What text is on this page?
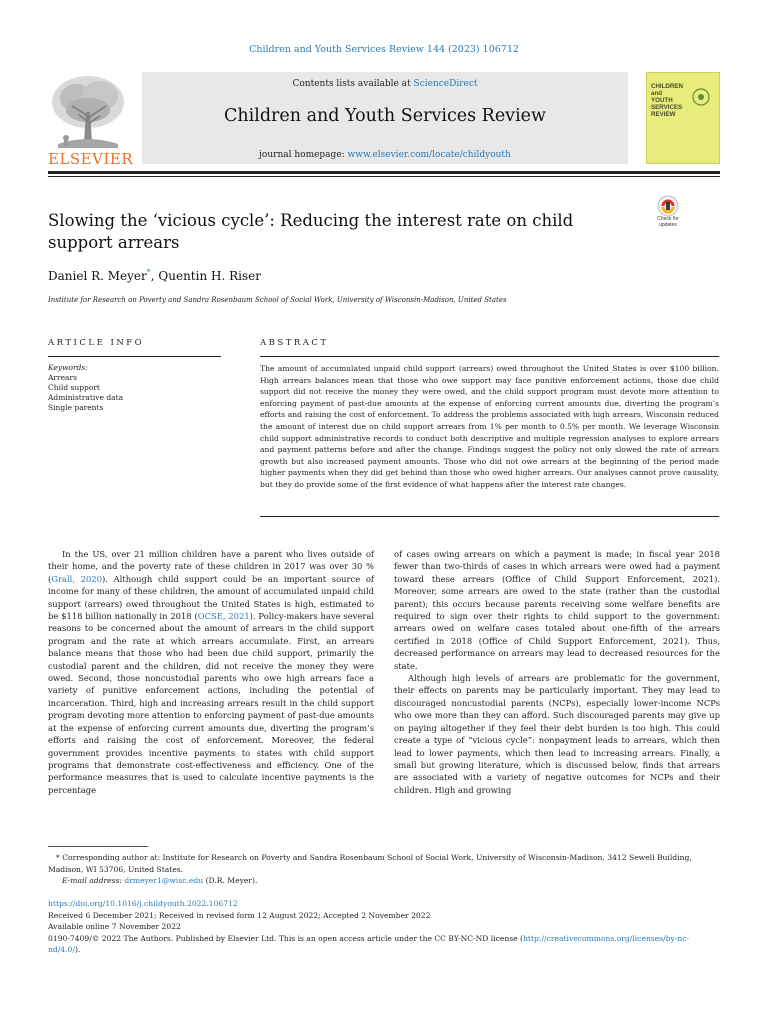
Children and Youth Services Review 144 (2023) 106712
ELSEVIER
Contents lists available at ScienceDirect
Children and Youth Services Review
journal homepage: www.elsevier.com/locate/childyouth
CHILDREN
and
YOUTH
SERVICES
REVIEW
Slowing the ‘vicious cycle’: Reducing the interest rate on child support arrears
Check for updates
Daniel R. Meyer*, Quentin H. Riser
Institute for Research on Poverty and Sandra Rosenbaum School of Social Work, University of Wisconsin-Madison, United States
ARTICLE INFO	ABSTRACT
Keywords:
Arrears
Child support
Administrative data
Single parents
The amount of accumulated unpaid child support (arrears) owed throughout the United States is over $100 billion. High arrears balances mean that those who owe support may face punitive enforcement actions, those due child support did not receive the money they were owed, and the child support program must devote more attention to enforcing payment of past-due amounts at the expense of enforcing current amounts due, diverting the program’s efforts and raising the cost of enforcement. To address the problems associated with high arrears, Wisconsin reduced the amount of interest due on child support arrears from 1% per month to 0.5% per month. We leverage Wisconsin child support administrative records to conduct both descriptive and multiple regression analyses to explore arrears and payment patterns before and after the change. Findings suggest the policy not only slowed the rate of arrears growth but also increased payment amounts. Those who did not owe arrears at the beginning of the period made higher payments when they did get behind than those who owed higher arrears. Our analyses cannot prove causality, but they do provide some of the first evidence of what happens after the interest rate changes.

In the US, over 21 million children have a parent who lives outside of their home, and the poverty rate of these children in 2017 was over 30 % (Grall, 2020). Although child support could be an important source of income for many of these children, the amount of accumulated unpaid child support (arrears) owed throughout the United States is high, estimated to be $118 billion nationally in 2018 (OCSE, 2021). Policy-makers have several reasons to be concerned about the amount of arrears in the child support program and the rate at which arrears accumulate. First, an arrears balance means that those who had been due child support, primarily the custodial parent and the children, did not receive the money they were owed. Second, those noncustodial parents who owe high arrears face a variety of punitive enforcement actions, including the potential of incarceration. Third, high and increasing arrears result in the child support program devoting more attention to enforcing payment of past-due amounts at the expense of enforcing current amounts due, diverting the program’s efforts and raising the cost of enforcement. Moreover, the federal government provides incentive payments to states with child support programs that demonstrate cost-effectiveness and efficiency. One of the performance measures that is used to calculate incentive payments is the percentage

of cases owing arrears on which a payment is made; in fiscal year 2018 fewer than two-thirds of cases in which arrears were owed had a payment toward these arrears (Office of Child Support Enforcement, 2021). Moreover, some arrears are owed to the state (rather than the custodial parent); this occurs because parents receiving some welfare benefits are required to sign over their rights to child support to the government: arrears owed on welfare cases totaled about one-fifth of the arrears certified in 2018 (Office of Child Support Enforcement, 2021). Thus, decreased performance on arrears may lead to decreased resources for the state.

Although high levels of arrears are problematic for the government, their effects on parents may be particularly important. They may lead to discouraged noncustodial parents (NCPs), especially lower-income NCPs who owe more than they can afford. Such discouraged parents may give up on paying altogether if they feel their debt burden is too high. This could create a type of “vicious cycle”: nonpayment leads to arrears, which then lead to lower payments, which then lead to increasing arrears. Finally, a small but growing literature, which is discussed below, finds that arrears are associated with a variety of negative outcomes for NCPs and their children. High and growing

* Corresponding author at: Institute for Research on Poverty and Sandra Rosenbaum School of Social Work, University of Wisconsin-Madison, 3412 Sewell Building, Madison, WI 53706, United States.
E-mail address: drmeyer1@wisc.edu (D.R. Meyer).
https://doi.org/10.1016/j.childyouth.2022.106712
Received 6 December 2021; Received in revised form 12 August 2022; Accepted 2 November 2022
Available online 7 November 2022
0190-7409/© 2022 The Authors. Published by Elsevier Ltd. This is an open access article under the CC BY-NC-ND license (http://creativecommons.org/licenses/by-nc-nd/4.0/).
